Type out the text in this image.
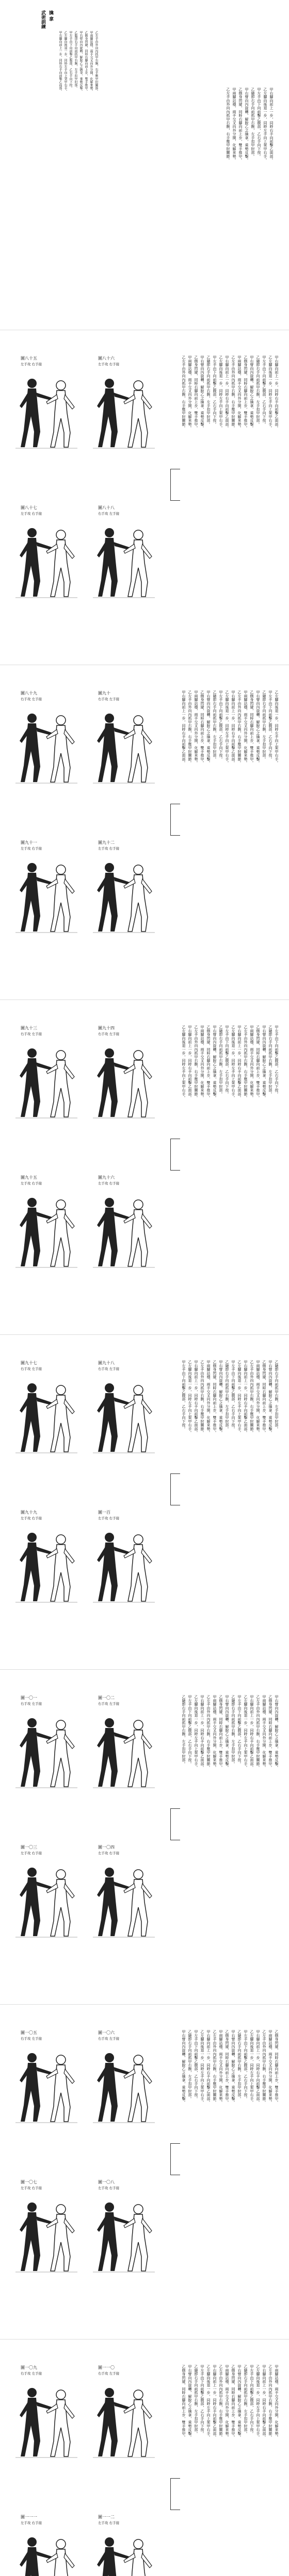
武術訓練 擒 拿
甲右腳向前上一步，同時右手向前擊乙面部。 乙左腳向後退一步，同時左手向上架甲右手。 甲左手由下向前擊乙腹部，乙右手向下按。 乙隨即右手向前抓甲右腕，左手扣甲肘部。 甲右臂向內旋轉，解脫乙之擒拿，乘勢反擊。 乙側身閃避，同時右腳向前上步，雙手推甲。 甲兩腳站穩，兩手交叉向外分開，化解來勢。 乙左手由外向內抓甲右腕，右手壓甲肘關節。
甲右腳向前上一步，同時右手向前擊乙面部。
乙左腳向後退一步，同時左手向上架甲右手。
甲左手由下向前擊乙腹部，乙右手向下按。
乙隨即右手向前抓甲右腕，左手扣甲肘部。
甲右臂向內旋轉，解脫乙之擒拿，乘勢反擊。
乙側身閃避，同時右腳向前上步，雙手推甲。
甲兩腳站穩，兩手交叉向外分開，化解來勢。
乙左手由外向內抓甲右腕，右手壓甲肘關節。
圖八十五
左手攻 右手接
圖八十六
左手攻 右手接
圖八十七
左手攻 右手接
圖八十八
右手攻 左手接
甲右腳向前上一步，同時右手向前擊乙面部。
乙左腳向後退一步，同時左手向上架甲右手。
甲左手由下向前擊乙腹部，乙右手向下按。
乙隨即右手向前抓甲右腕，左手扣甲肘部。
甲右臂向內旋轉，解脫乙之擒拿，乘勢反擊。
乙側身閃避，同時右腳向前上步，雙手推甲。
甲兩腳站穩，兩手交叉向外分開，化解來勢。
乙左手由外向內抓甲右腕，右手壓甲肘關節。
甲右腳向前上一步，同時右手向前擊乙面部。
乙左腳向後退一步，同時左手向上架甲右手。
甲左手由下向前擊乙腹部，乙右手向下按。
乙隨即右手向前抓甲右腕，左手扣甲肘部。
甲右臂向內旋轉，解脫乙之擒拿，乘勢反擊。
乙側身閃避，同時右腳向前上步，雙手推甲。
甲兩腳站穩，兩手交叉向外分開，化解來勢。
乙左手由外向內抓甲右腕，右手壓甲肘關節。
圖八十九
右手攻 左手接
圖九十
右手攻 左手接
圖九十一
左手攻 右手接
圖九十二
左手攻 右手接
乙左腳向後退一步，同時左手向上架甲右手。
甲左手由下向前擊乙腹部，乙右手向下按。
乙隨即右手向前抓甲右腕，左手扣甲肘部。
甲右臂向內旋轉，解脫乙之擒拿，乘勢反擊。
乙側身閃避，同時右腳向前上步，雙手推甲。
甲兩腳站穩，兩手交叉向外分開，化解來勢。
乙左手由外向內抓甲右腕，右手壓甲肘關節。
甲右腳向前上一步，同時右手向前擊乙面部。
乙左腳向後退一步，同時左手向上架甲右手。
甲左手由下向前擊乙腹部，乙右手向下按。
乙隨即右手向前抓甲右腕，左手扣甲肘部。
甲右臂向內旋轉，解脫乙之擒拿，乘勢反擊。
乙側身閃避，同時右腳向前上步，雙手推甲。
甲兩腳站穩，兩手交叉向外分開，化解來勢。
乙左手由外向內抓甲右腕，右手壓甲肘關節。
甲右腳向前上一步，同時右手向前擊乙面部。
圖九十三
右手攻 左手接
圖九十四
右手攻 左手接
圖九十五
左手攻 右手接
圖九十六
左手攻 右手接
甲左手由下向前擊乙腹部，乙右手向下按。
乙隨即右手向前抓甲右腕，左手扣甲肘部。
甲右臂向內旋轉，解脫乙之擒拿，乘勢反擊。
乙側身閃避，同時右腳向前上步，雙手推甲。
甲兩腳站穩，兩手交叉向外分開，化解來勢。
乙左手由外向內抓甲右腕，右手壓甲肘關節。
甲右腳向前上一步，同時右手向前擊乙面部。
乙左腳向後退一步，同時左手向上架甲右手。
甲左手由下向前擊乙腹部，乙右手向下按。
乙隨即右手向前抓甲右腕，左手扣甲肘部。
甲右臂向內旋轉，解脫乙之擒拿，乘勢反擊。
乙側身閃避，同時右腳向前上步，雙手推甲。
甲兩腳站穩，兩手交叉向外分開，化解來勢。
乙左手由外向內抓甲右腕，右手壓甲肘關節。
甲右腳向前上一步，同時右手向前擊乙面部。
乙左腳向後退一步，同時左手向上架甲右手。
圖九十七
右手攻 左手接
圖九十八
右手攻 左手接
圖九十九
左手攻 右手接
圖一百
左手攻 右手接
乙隨即右手向前抓甲右腕，左手扣甲肘部。
甲右臂向內旋轉，解脫乙之擒拿，乘勢反擊。
乙側身閃避，同時右腳向前上步，雙手推甲。
甲兩腳站穩，兩手交叉向外分開，化解來勢。
乙左手由外向內抓甲右腕，右手壓甲肘關節。
甲右腳向前上一步，同時右手向前擊乙面部。
乙左腳向後退一步，同時左手向上架甲右手。
甲左手由下向前擊乙腹部，乙右手向下按。
乙隨即右手向前抓甲右腕，左手扣甲肘部。
甲右臂向內旋轉，解脫乙之擒拿，乘勢反擊。
乙側身閃避，同時右腳向前上步，雙手推甲。
甲兩腳站穩，兩手交叉向外分開，化解來勢。
乙左手由外向內抓甲右腕，右手壓甲肘關節。
甲右腳向前上一步，同時右手向前擊乙面部。
乙左腳向後退一步，同時左手向上架甲右手。
甲左手由下向前擊乙腹部，乙右手向下按。
圖一〇一
右手攻 左手接
圖一〇二
右手攻 左手接
圖一〇三
左手攻 右手接
圖一〇四
左手攻 右手接
甲右臂向內旋轉，解脫乙之擒拿，乘勢反擊。
乙側身閃避，同時右腳向前上步，雙手推甲。
甲兩腳站穩，兩手交叉向外分開，化解來勢。
乙左手由外向內抓甲右腕，右手壓甲肘關節。
甲右腳向前上一步，同時右手向前擊乙面部。
乙左腳向後退一步，同時左手向上架甲右手。
甲左手由下向前擊乙腹部，乙右手向下按。
乙隨即右手向前抓甲右腕，左手扣甲肘部。
甲右臂向內旋轉，解脫乙之擒拿，乘勢反擊。
乙側身閃避，同時右腳向前上步，雙手推甲。
甲兩腳站穩，兩手交叉向外分開，化解來勢。
乙左手由外向內抓甲右腕，右手壓甲肘關節。
甲右腳向前上一步，同時右手向前擊乙面部。
乙左腳向後退一步，同時左手向上架甲右手。
甲左手由下向前擊乙腹部，乙右手向下按。
乙隨即右手向前抓甲右腕，左手扣甲肘部。
圖一〇五
右手攻 左手接
圖一〇六
右手攻 左手接
圖一〇七
左手攻 右手接
圖一〇八
左手攻 右手接
乙側身閃避，同時右腳向前上步，雙手推甲。
甲兩腳站穩，兩手交叉向外分開，化解來勢。
乙左手由外向內抓甲右腕，右手壓甲肘關節。
甲右腳向前上一步，同時右手向前擊乙面部。
乙左腳向後退一步，同時左手向上架甲右手。
甲左手由下向前擊乙腹部，乙右手向下按。
乙隨即右手向前抓甲右腕，左手扣甲肘部。
甲右臂向內旋轉，解脫乙之擒拿，乘勢反擊。
乙側身閃避，同時右腳向前上步，雙手推甲。
甲兩腳站穩，兩手交叉向外分開，化解來勢。
乙左手由外向內抓甲右腕，右手壓甲肘關節。
甲右腳向前上一步，同時右手向前擊乙面部。
乙左腳向後退一步，同時左手向上架甲右手。
甲左手由下向前擊乙腹部，乙右手向下按。
乙隨即右手向前抓甲右腕，左手扣甲肘部。
甲右臂向內旋轉，解脫乙之擒拿，乘勢反擊。
圖一〇九
右手攻 左手接
圖一一〇
右手攻 左手接
圖一一一
左手攻 右手接
圖一一二
左手攻 右手接
甲兩腳站穩，兩手交叉向外分開，化解來勢。
乙左手由外向內抓甲右腕，右手壓甲肘關節。
甲右腳向前上一步，同時右手向前擊乙面部。
乙左腳向後退一步，同時左手向上架甲右手。
甲左手由下向前擊乙腹部，乙右手向下按。
乙隨即右手向前抓甲右腕，左手扣甲肘部。
甲右臂向內旋轉，解脫乙之擒拿，乘勢反擊。
乙側身閃避，同時右腳向前上步，雙手推甲。
甲兩腳站穩，兩手交叉向外分開，化解來勢。
乙左手由外向內抓甲右腕，右手壓甲肘關節。
甲右腳向前上一步，同時右手向前擊乙面部。
乙左腳向後退一步，同時左手向上架甲右手。
甲左手由下向前擊乙腹部，乙右手向下按。
乙隨即右手向前抓甲右腕，左手扣甲肘部。
甲右臂向內旋轉，解脫乙之擒拿，乘勢反擊。
乙側身閃避，同時右腳向前上步，雙手推甲。
